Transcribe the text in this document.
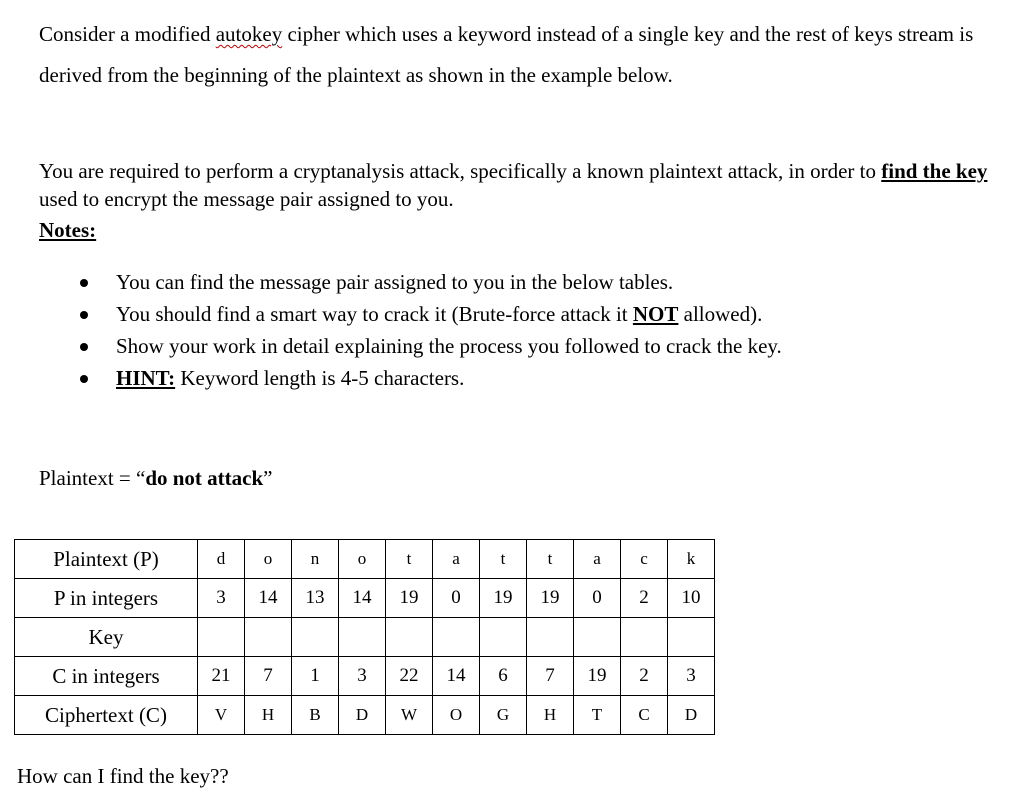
Consider a modified autokey cipher which uses a keyword instead of a single key and the rest of keys stream is derived from the beginning of the plaintext as shown in the example below.

You are required to perform a cryptanalysis attack, specifically a known plaintext attack, in order to find the key used to encrypt the message pair assigned to you.

Notes:
You can find the message pair assigned to you in the below tables.
You should find a smart way to crack it (Brute-force attack it NOT allowed).
Show your work in detail explaining the process you followed to crack the key.
HINT: Keyword length is 4-5 characters.
Plaintext = “do not attack”
Plaintext (P)	d	o	n	o	t	a	t	t	a	c	k
P in integers	3	14	13	14	19	0	19	19	0	2	10
Key											
C in integers	21	7	1	3	22	14	6	7	19	2	3
Ciphertext (C)	V	H	B	D	W	O	G	H	T	C	D
How can I find the key??
